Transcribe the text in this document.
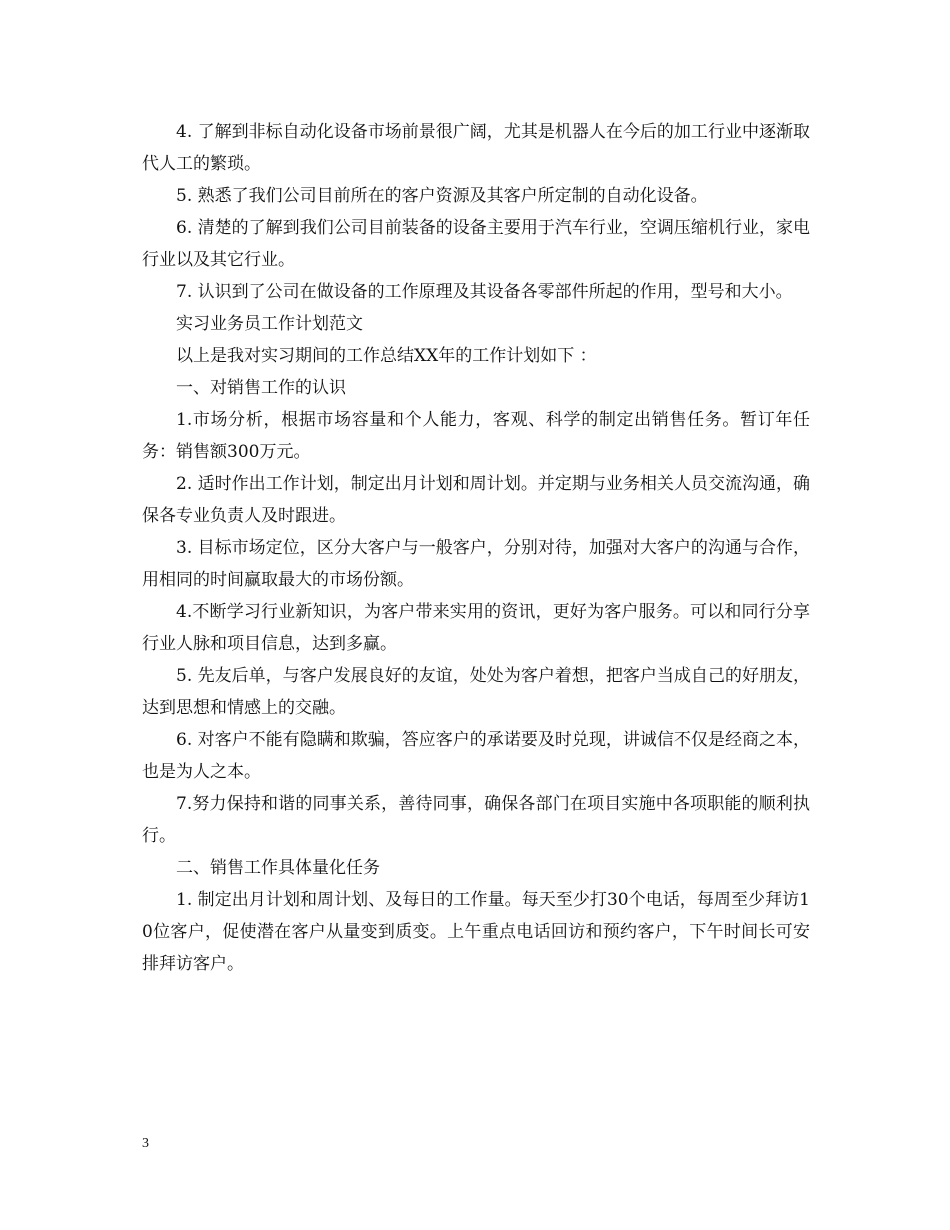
4. 了解到非标自动化设备市场前景很广阔，尤其是机器人在今后的加工行业中逐渐取代人工的繁琐。

5. 熟悉了我们公司目前所在的客户资源及其客户所定制的自动化设备。

6. 清楚的了解到我们公司目前装备的设备主要用于汽车行业，空调压缩机行业，家电行业以及其它行业。

7. 认识到了公司在做设备的工作原理及其设备各零部件所起的作用，型号和大小。

实习业务员工作计划范文

以上是我对实习期间的工作总结XX年的工作计划如下 ：

一、对销售工作的认识

1.市场分析，根据市场容量和个人能力，客观、科学的制定出销售任务。暂订年任务：销售额300万元。

2. 适时作出工作计划，制定出月计划和周计划。并定期与业务相关人员交流沟通，确保各专业负责人及时跟进。

3. 目标市场定位，区分大客户与一般客户，分别对待，加强对大客户的沟通与合作，用相同的时间赢取最大的市场份额。

4.不断学习行业新知识，为客户带来实用的资讯，更好为客户服务。可以和同行分享行业人脉和项目信息，达到多赢。

5. 先友后单，与客户发展良好的友谊，处处为客户着想，把客户当成自己的好朋友，达到思想和情感上的交融。

6. 对客户不能有隐瞒和欺骗，答应客户的承诺要及时兑现，讲诚信不仅是经商之本，也是为人之本。

7.努力保持和谐的同事关系，善待同事，确保各部门在项目实施中各项职能的顺利执行。

二、销售工作具体量化任务

1. 制定出月计划和周计划、及每日的工作量。每天至少打30个电话，每周至少拜访10位客户，促使潜在客户从量变到质变。上午重点电话回访和预约客户，下午时间长可安排拜访客户。

3
